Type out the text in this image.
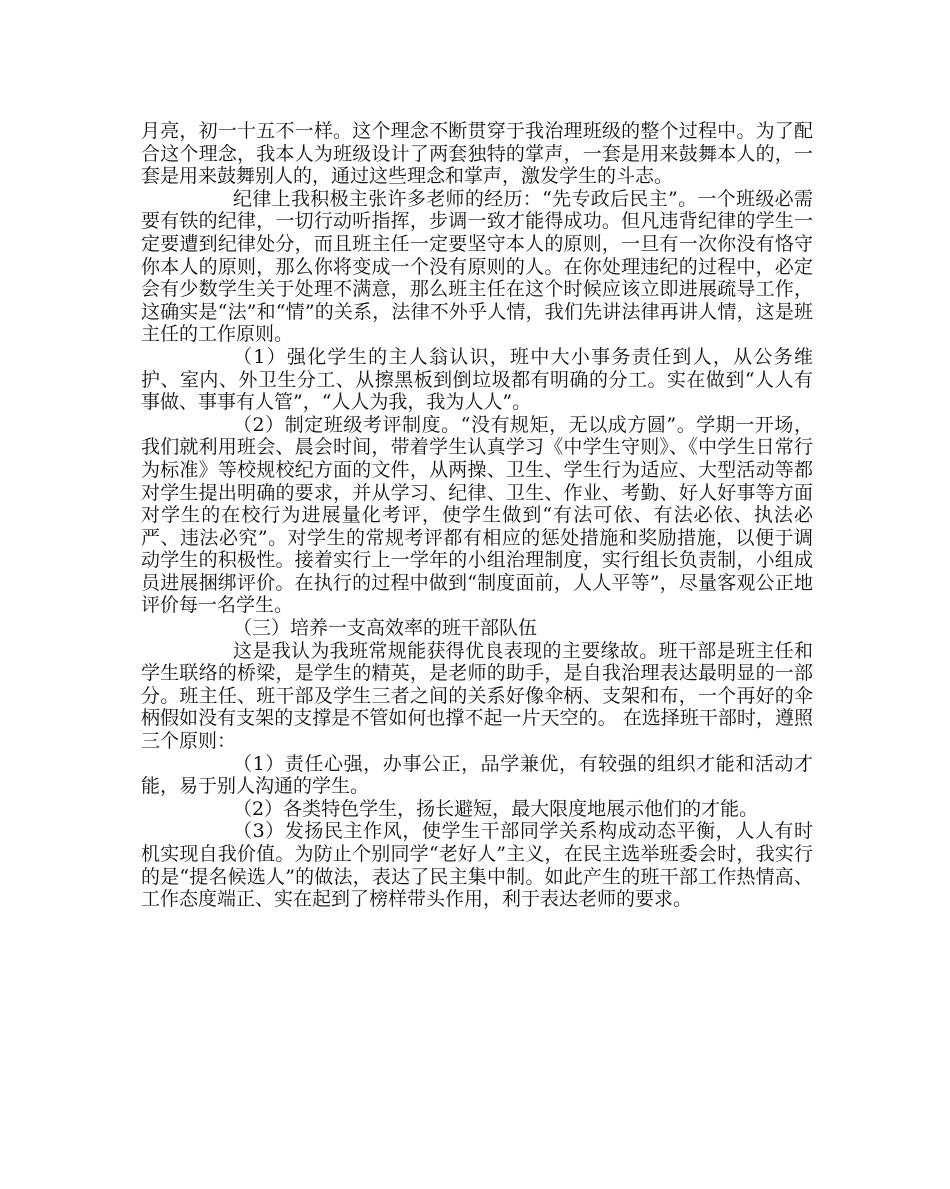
月亮，初一十五不一样。这个理念不断贯穿于我治理班级的整个过程中。为了配合这个理念，我本人为班级设计了两套独特的掌声，一套是用来鼓舞本人的，一套是用来鼓舞别人的，通过这些理念和掌声，激发学生的斗志。

纪律上我积极主张许多老师的经历：“先专政后民主”。一个班级必需要有铁的纪律，一切行动听指挥，步调一致才能得成功。但凡违背纪律的学生一定要遭到纪律处分，而且班主任一定要坚守本人的原则，一旦有一次你没有恪守你本人的原则，那么你将变成一个没有原则的人。在你处理违纪的过程中，必定会有少数学生关于处理不满意，那么班主任在这个时候应该立即进展疏导工作，这确实是“法”和“情”的关系，法律不外乎人情，我们先讲法律再讲人情，这是班主任的工作原则。

（1）强化学生的主人翁认识，班中大小事务责任到人，从公务维护、室内、外卫生分工、从擦黑板到倒垃圾都有明确的分工。实在做到“人人有事做、事事有人管”，“人人为我，我为人人”。

（2）制定班级考评制度。“没有规矩，无以成方圆”。学期一开场，我们就利用班会、晨会时间，带着学生认真学习《中学生守则》、《中学生日常行为标准》等校规校纪方面的文件，从两操、卫生、学生行为适应、大型活动等都对学生提出明确的要求，并从学习、纪律、卫生、作业、考勤、好人好事等方面对学生的在校行为进展量化考评，使学生做到“有法可依、有法必依、执法必严、违法必究”。对学生的常规考评都有相应的惩处措施和奖励措施，以便于调动学生的积极性。接着实行上一学年的小组治理制度，实行组长负责制，小组成员进展捆绑评价。在执行的过程中做到“制度面前，人人平等”，尽量客观公正地评价每一名学生。

（三）培养一支高效率的班干部队伍

这是我认为我班常规能获得优良表现的主要缘故。班干部是班主任和学生联络的桥梁，是学生的精英，是老师的助手，是自我治理表达最明显的一部分。班主任、班干部及学生三者之间的关系好像伞柄、支架和布，一个再好的伞柄假如没有支架的支撑是不管如何也撑不起一片天空的。 在选择班干部时，遵照三个原则：

（1）责任心强，办事公正，品学兼优，有较强的组织才能和活动才能，易于别人沟通的学生。

（2）各类特色学生，扬长避短，最大限度地展示他们的才能。

（3）发扬民主作风，使学生干部同学关系构成动态平衡，人人有时机实现自我价值。为防止个别同学“老好人”主义，在民主选举班委会时，我实行的是“提名候选人”的做法，表达了民主集中制。如此产生的班干部工作热情高、工作态度端正、实在起到了榜样带头作用，利于表达老师的要求。
